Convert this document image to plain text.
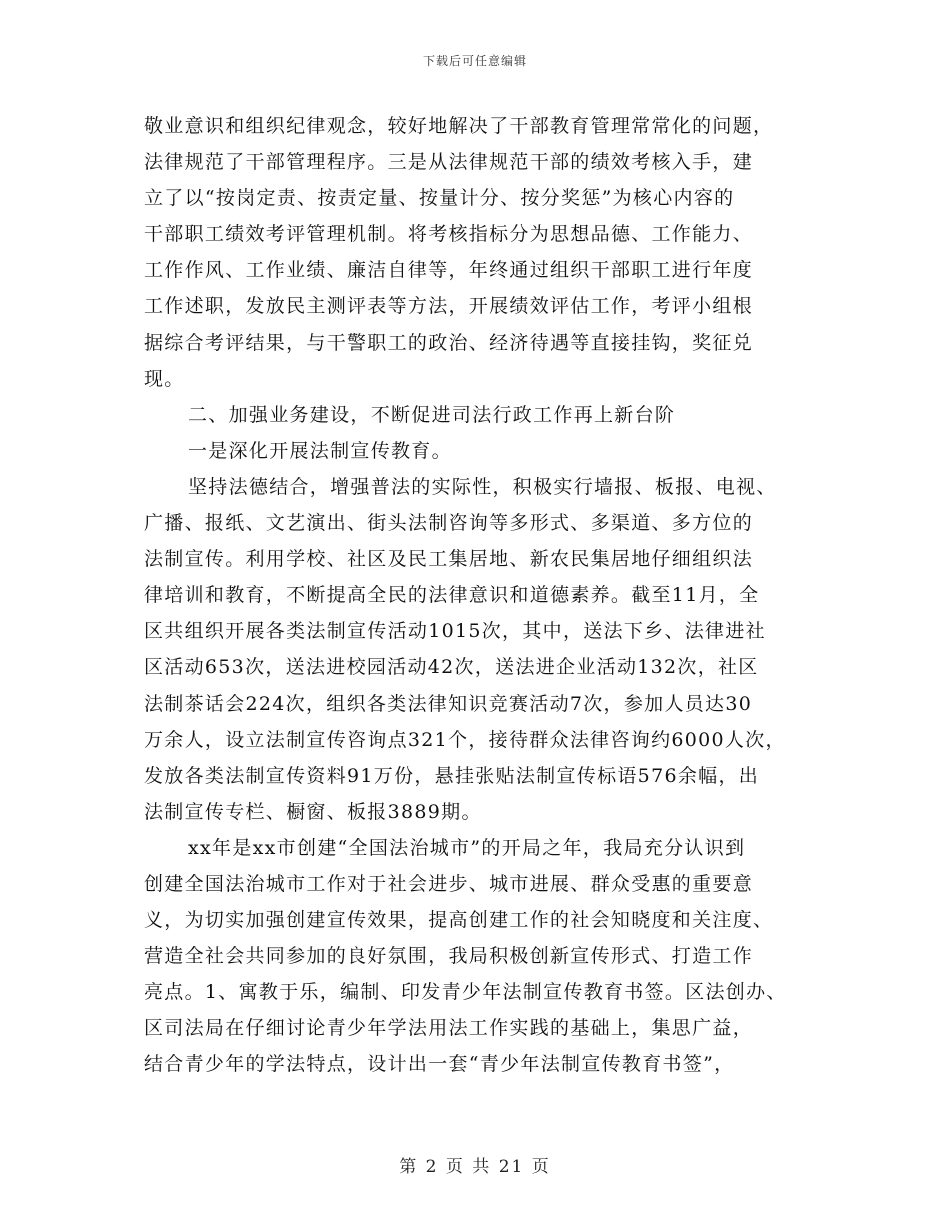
下载后可任意编辑
敬业意识和组织纪律观念，较好地解决了干部教育管理常常化的问题，
法律规范了干部管理程序。三是从法律规范干部的绩效考核入手，建
立了以“按岗定责、按责定量、按量计分、按分奖惩”为核心内容的
干部职工绩效考评管理机制。将考核指标分为思想品德、工作能力、
工作作风、工作业绩、廉洁自律等，年终通过组织干部职工进行年度
工作述职，发放民主测评表等方法，开展绩效评估工作，考评小组根
据综合考评结果，与干警职工的政治、经济待遇等直接挂钩，奖征兑
现。
二、加强业务建设，不断促进司法行政工作再上新台阶
一是深化开展法制宣传教育。
坚持法德结合，增强普法的实际性，积极实行墙报、板报、电视、
广播、报纸、文艺演出、街头法制咨询等多形式、多渠道、多方位的
法制宣传。利用学校、社区及民工集居地、新农民集居地仔细组织法
律培训和教育，不断提高全民的法律意识和道德素养。截至11月，全
区共组织开展各类法制宣传活动1015次，其中，送法下乡、法律进社
区活动653次，送法进校园活动42次，送法进企业活动132次，社区
法制茶话会224次，组织各类法律知识竞赛活动7次，参加人员达30
万余人，设立法制宣传咨询点321个，接待群众法律咨询约6000人次，
发放各类法制宣传资料91万份，悬挂张贴法制宣传标语576余幅，出
法制宣传专栏、橱窗、板报3889期。
xx年是xx市创建“全国法治城市”的开局之年，我局充分认识到
创建全国法治城市工作对于社会进步、城市进展、群众受惠的重要意
义，为切实加强创建宣传效果，提高创建工作的社会知晓度和关注度、
营造全社会共同参加的良好氛围，我局积极创新宣传形式、打造工作
亮点。1、寓教于乐，编制、印发青少年法制宣传教育书签。区法创办、
区司法局在仔细讨论青少年学法用法工作实践的基础上，集思广益，
结合青少年的学法特点，设计出一套“青少年法制宣传教育书签”，
第 2 页 共 21 页
